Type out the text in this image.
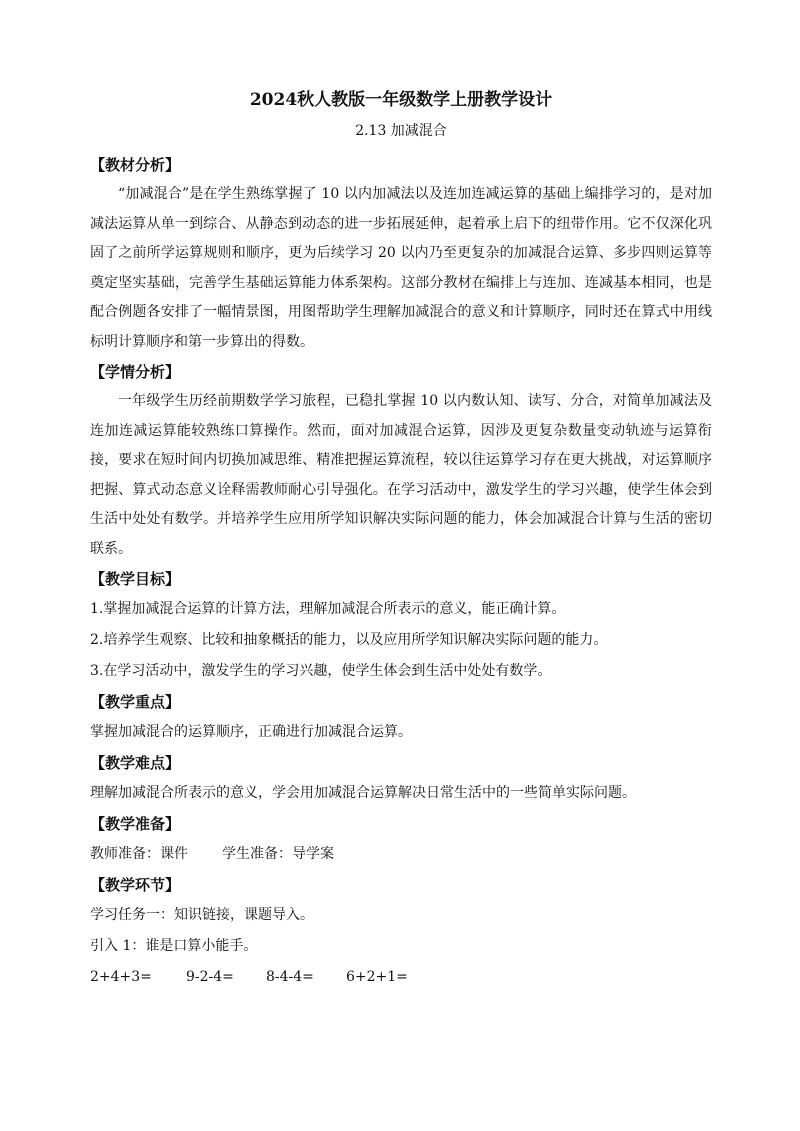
2024秋人教版一年级数学上册教学设计

2.13 加减混合

【教材分析】

“加减混合”是在学生熟练掌握了 10 以内加减法以及连加连减运算的基础上编排学习的，是对加减法运算从单一到综合、从静态到动态的进一步拓展延伸，起着承上启下的纽带作用。它不仅深化巩固了之前所学运算规则和顺序，更为后续学习 20 以内乃至更复杂的加减混合运算、多步四则运算等奠定坚实基础，完善学生基础运算能力体系架构。这部分教材在编排上与连加、连减基本相同，也是配合例题各安排了一幅情景图，用图帮助学生理解加减混合的意义和计算顺序，同时还在算式中用线标明计算顺序和第一步算出的得数。

【学情分析】

一年级学生历经前期数学学习旅程，已稳扎掌握 10 以内数认知、读写、分合，对简单加减法及连加连减运算能较熟练口算操作。然而，面对加减混合运算，因涉及更复杂数量变动轨迹与运算衔接，要求在短时间内切换加减思维、精准把握运算流程，较以往运算学习存在更大挑战，对运算顺序把握、算式动态意义诠释需教师耐心引导强化。在学习活动中，激发学生的学习兴趣，使学生体会到生活中处处有数学。并培养学生应用所学知识解决实际问题的能力，体会加减混合计算与生活的密切联系。

【教学目标】

1.掌握加减混合运算的计算方法，理解加减混合所表示的意义，能正确计算。

2.培养学生观察、比较和抽象概括的能力，以及应用所学知识解决实际问题的能力。

3.在学习活动中，激发学生的学习兴趣，使学生体会到生活中处处有数学。

【教学重点】

掌握加减混合的运算顺序，正确进行加减混合运算。

【教学难点】

理解加减混合所表示的意义，学会用加减混合运算解决日常生活中的一些简单实际问题。

【教学准备】

教师准备：课件 学生准备：导学案

【教学环节】

学习任务一：知识链接，课题导入。

引入 1：谁是口算小能手。

2+4+3=	9-2-4=	8-4-4=	6+2+1=
